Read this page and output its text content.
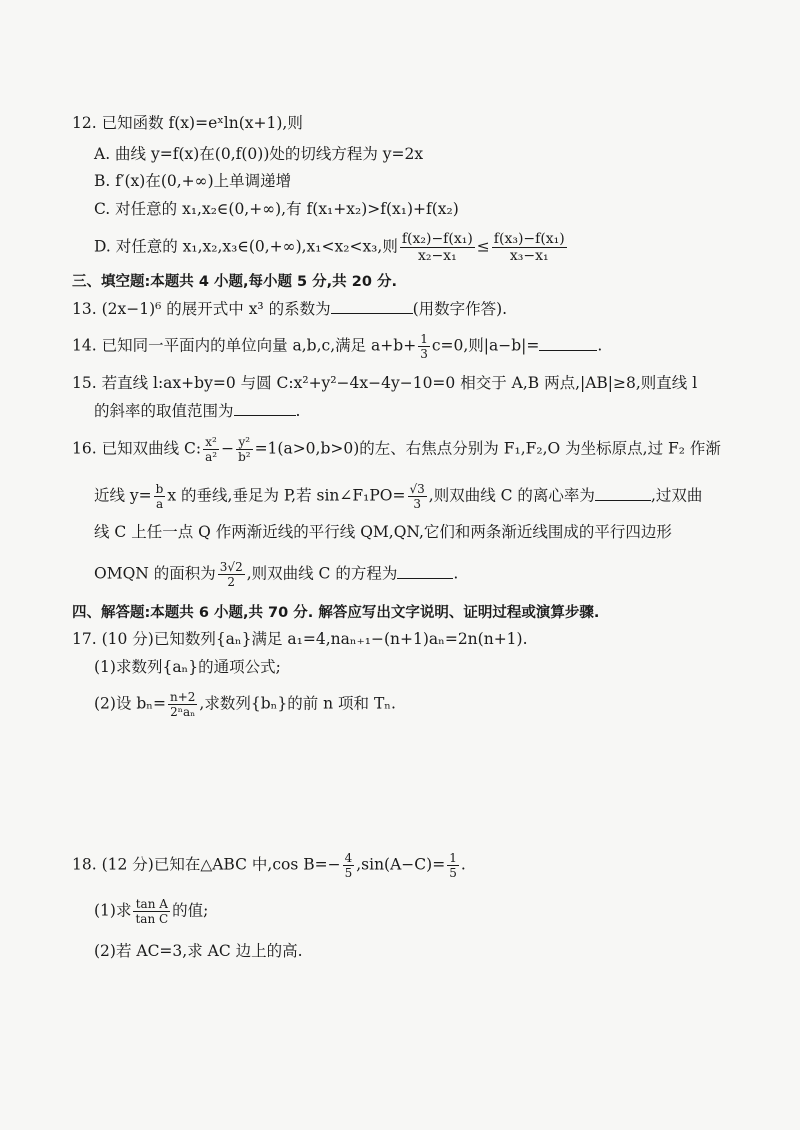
12. 已知函数 f(x)=eˣln(x+1),则
A. 曲线 y=f(x)在(0,f(0))处的切线方程为 y=2x
B. f′(x)在(0,+∞)上单调递增
C. 对任意的 x₁,x₂∈(0,+∞),有 f(x₁+x₂)>f(x₁)+f(x₂)
D. 对任意的 x₁,x₂,x₃∈(0,+∞),x₁<x₂<x₃,则 $\frac{\text{f(x₂)−f(x₁)}}{\text{x₂−x₁}} \le \frac{\text{f(x₃)−f(x₁)}}{\text{x₃−x₁}}$
三、填空题:本题共 4 小题,每小题 5 分,共 20 分.
13. (2x−1)⁶ 的展开式中 x³ 的系数为	(用数字作答).
14. 已知同一平面内的单位向量 a,b,c,满足 $a+b+ \frac{1}{3} c=0$,则|a−b|=	.
15. 若直线 l:ax+by=0 与圆 C:x²+y²−4x−4y−10=0 相交于 A,B 两点,|AB|≥8,则直线 l
的斜率的取值范围为	.
16. 已知双曲线 C: $\frac{\text{x²}}{\text{a²}} - \frac{\text{y²}}{\text{b²}} =1(a>0,b>0)$的左、右焦点分别为 F₁,F₂,O 为坐标原点,过 F₂ 作渐
近线 $y= \frac{b}{a}$ x 的垂线,垂足为 P,若 sin∠F₁PO= $\frac{√3}{3}$ ,则双曲线 C 的离心率为	,过双曲
线 C 上任一点 Q 作两渐近线的平行线 QM,QN,它们和两条渐近线围成的平行四边形
OMQN 的面积为 $\frac{3√2}{2}$ ,则双曲线 C 的方程为	.
四、解答题:本题共 6 小题,共 70 分. 解答应写出文字说明、证明过程或演算步骤.
17. (10 分)已知数列{aₙ}满足 a₁=4,naₙ₊₁−(n+1)aₙ=2n(n+1).
(1)求数列{aₙ}的通项公式;
(2)设 $b_n= \frac{n+2}{\text{2ⁿaₙ}}$ ,求数列{bₙ}的前 n 项和 Tₙ.
18. (12 分)已知在△ABC 中,cos $B=- \frac{4}{5} ,\sin(A-C)= \frac{1}{5}$ .
(1)求 $\frac{\text{tan A}}{\text{tan C}}$ 的值;
(2)若 AC=3,求 AC 边上的高.
